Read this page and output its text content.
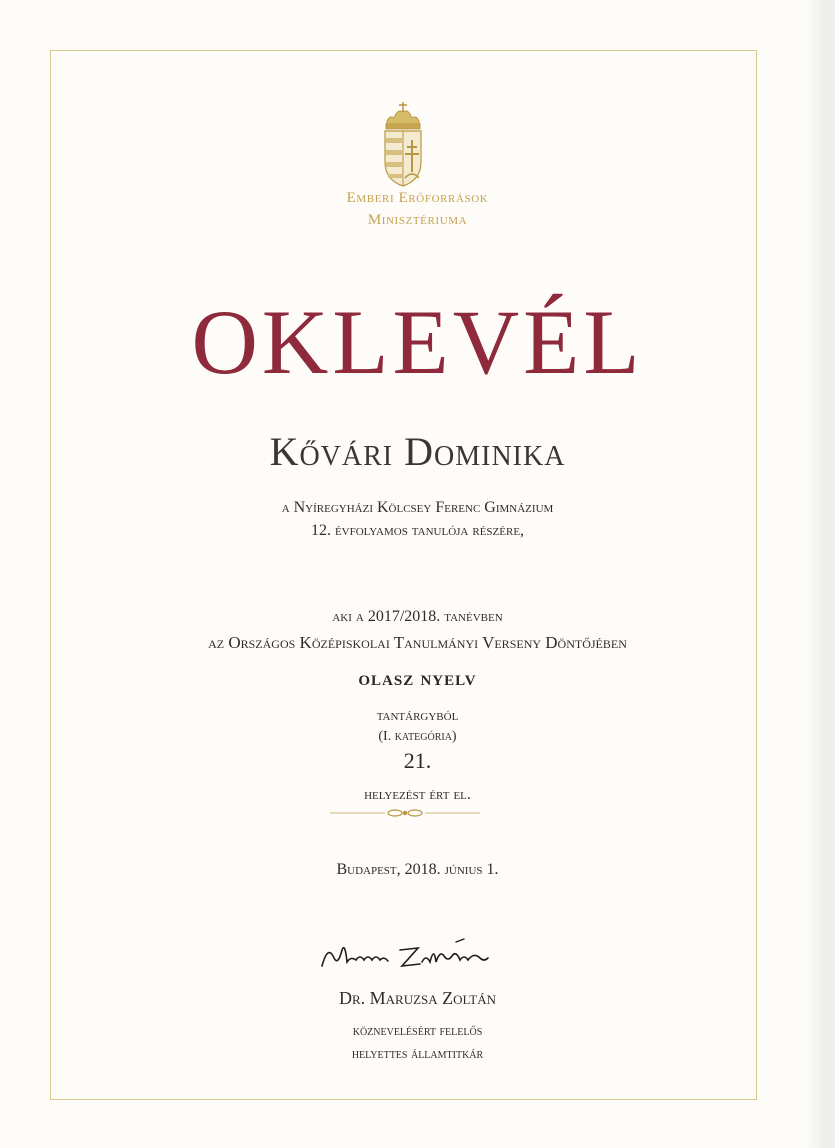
Emberi Erőforrások
Minisztériuma
OKLEVÉL
Kővári Dominika
a Nyíregyházi Kölcsey Ferenc Gimnázium
12. évfolyamos tanulója részére,
aki a 2017/2018. tanévben
az Országos Középiskolai Tanulmányi Verseny Döntőjében
olasz nyelv
tantárgyból
(I. kategória)
21.
helyezést ért el.
Budapest, 2018. június 1.
Dr. Maruzsa Zoltán
köznevelésért felelős
helyettes államtitkár
